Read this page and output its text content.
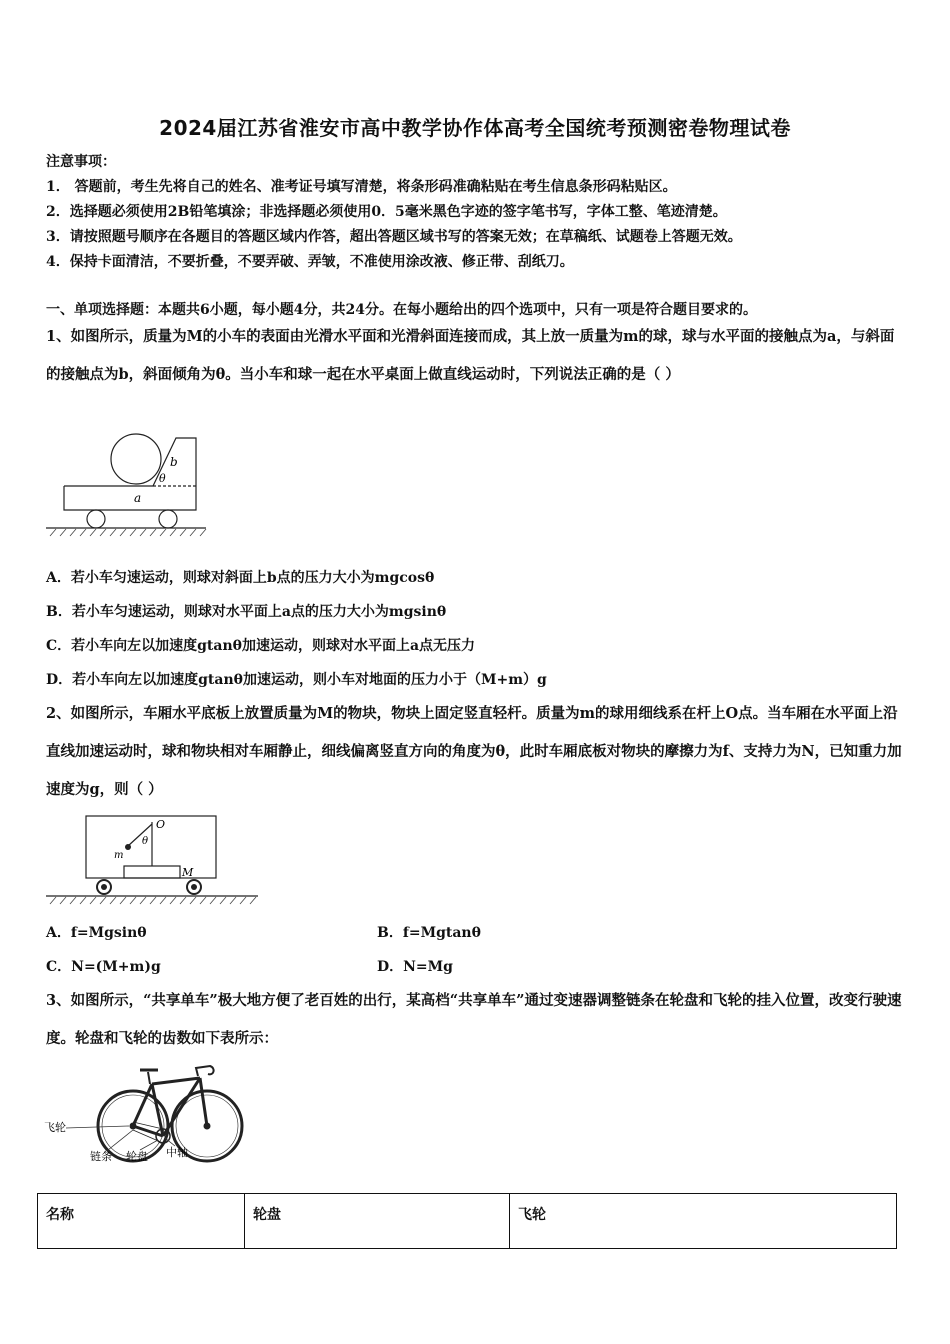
2024届江苏省淮安市高中教学协作体高考全国统考预测密卷物理试卷
注意事项：
1． 答题前，考生先将自己的姓名、准考证号填写清楚，将条形码准确粘贴在考生信息条形码粘贴区。
2．选择题必须使用2B铅笔填涂；非选择题必须使用0．5毫米黑色字迹的签字笔书写，字体工整、笔迹清楚。
3．请按照题号顺序在各题目的答题区域内作答，超出答题区域书写的答案无效；在草稿纸、试题卷上答题无效。
4．保持卡面清洁，不要折叠，不要弄破、弄皱，不准使用涂改液、修正带、刮纸刀。
一、单项选择题：本题共6小题，每小题4分，共24分。在每小题给出的四个选项中，只有一项是符合题目要求的。
1、如图所示，质量为M的小车的表面由光滑水平面和光滑斜面连接而成，其上放一质量为m的球，球与水平面的接触点为a，与斜面的接触点为b，斜面倾角为θ。当小车和球一起在水平桌面上做直线运动时，下列说法正确的是（ ）
b
θ
a
A．若小车匀速运动，则球对斜面上b点的压力大小为mgcosθ
B．若小车匀速运动，则球对水平面上a点的压力大小为mgsinθ
C．若小车向左以加速度gtanθ加速运动，则球对水平面上a点无压力
D．若小车向左以加速度gtanθ加速运动，则小车对地面的压力小于（M+m）g
2、如图所示，车厢水平底板上放置质量为M的物块，物块上固定竖直轻杆。质量为m的球用细线系在杆上O点。当车厢在水平面上沿直线加速运动时，球和物块相对车厢静止，细线偏离竖直方向的角度为θ，此时车厢底板对物块的摩擦力为f、支持力为N，已知重力加速度为g，则（ ）
O
θ
m
M
A．f=Mgsinθ	B．f=Mgtanθ
C．N=(M+m)g	D．N=Mg
3、如图所示，“共享单车”极大地方便了老百姓的出行，某高档“共享单车”通过变速器调整链条在轮盘和飞轮的挂入位置，改变行驶速度。轮盘和飞轮的齿数如下表所示：
飞轮
链条 轮盘 中轴
名称	轮盘	飞轮
